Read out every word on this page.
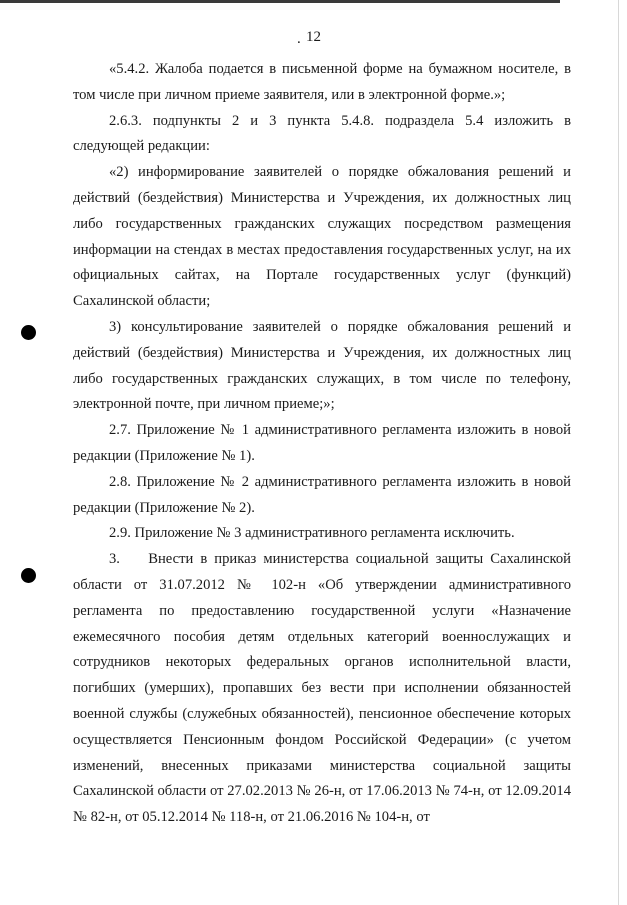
. 12

«5.4.2. Жалоба подается в письменной форме на бумажном носителе, в том числе при личном приеме заявителя, или в электронной форме.»;

2.6.3. подпункты 2 и 3 пункта 5.4.8. подраздела 5.4 изложить в следующей редакции:

«2) информирование заявителей о порядке обжалования решений и действий (бездействия) Министерства и Учреждения, их должностных лиц либо государственных гражданских служащих посредством размещения информации на стендах в местах предоставления государственных услуг, на их официальных сайтах, на Портале государственных услуг (функций) Сахалинской области;

3) консультирование заявителей о порядке обжалования решений и действий (бездействия) Министерства и Учреждения, их должностных лиц либо государственных гражданских служащих, в том числе по телефону, электронной почте, при личном приеме;»;

2.7. Приложение № 1 административного регламента изложить в новой редакции (Приложение № 1).

2.8. Приложение № 2 административного регламента изложить в новой редакции (Приложение № 2).

2.9. Приложение № 3 административного регламента исключить.

3.    Внести в приказ министерства социальной защиты Сахалинской области от 31.07.2012 № 102-н «Об утверждении административного регламента по предоставлению государственной услуги «Назначение ежемесячного пособия детям отдельных категорий военнослужащих и сотрудников некоторых федеральных органов исполнительной власти, погибших (умерших), пропавших без вести при исполнении обязанностей военной службы (служебных обязанностей), пенсионное обеспечение которых осуществляется Пенсионным фондом Российской Федерации» (с учетом изменений, внесенных приказами министерства социальной защиты Сахалинской области от 27.02.2013 № 26-н, от 17.06.2013 № 74-н, от 12.09.2014 № 82-н, от 05.12.2014 № 118-н, от 21.06.2016 № 104-н, от
